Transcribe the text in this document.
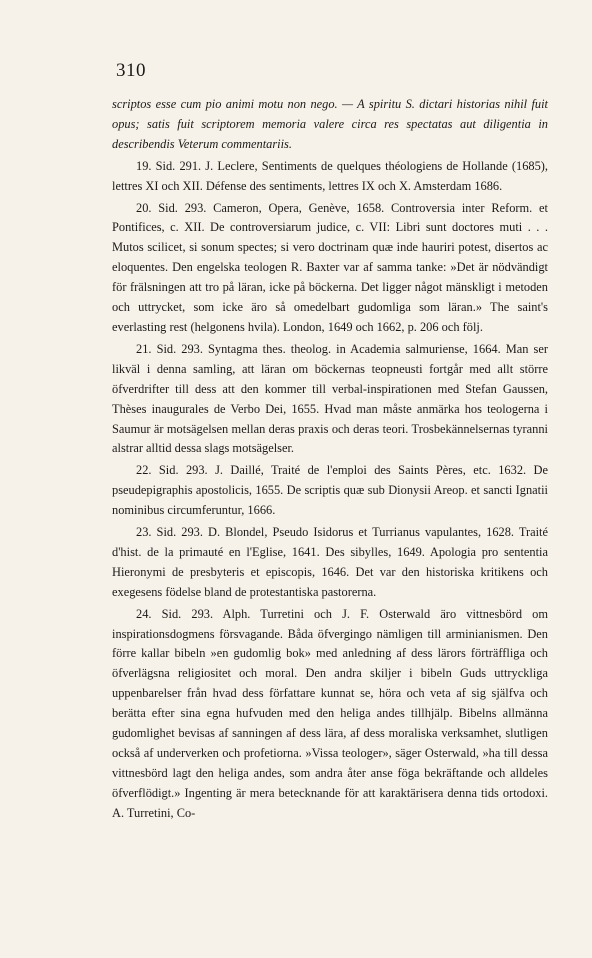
310

scriptos esse cum pio animi motu non nego. — A spiritu S. dictari historias nihil fuit opus; satis fuit scriptorem memoria valere circa res spectatas aut diligentia in describendis Veterum commentariis.

19. Sid. 291. J. Leclere, Sentiments de quelques théologiens de Hollande (1685), lettres XI och XII. Défense des sentiments, lettres IX och X. Amsterdam 1686.

20. Sid. 293. Cameron, Opera, Genève, 1658. Controversia inter Reform. et Pontifices, c. XII. De controversiarum judice, c. VII: Libri sunt doctores muti . . . Mutos scilicet, si sonum spectes; si vero doctrinam quæ inde hauriri potest, disertos ac eloquentes. Den engelska teologen R. Baxter var af samma tanke: »Det är nödvändigt för frälsningen att tro på läran, icke på böckerna. Det ligger något mänskligt i metoden och uttrycket, som icke äro så omedelbart gudomliga som läran.» The saint's everlasting rest (helgonens hvila). London, 1649 och 1662, p. 206 och följ.

21. Sid. 293. Syntagma thes. theolog. in Academia salmuriense, 1664. Man ser likväl i denna samling, att läran om böckernas teopneusti fortgår med allt större öfverdrifter till dess att den kommer till verbal-inspirationen med Stefan Gaussen, Thèses inaugurales de Verbo Dei, 1655. Hvad man måste anmärka hos teologerna i Saumur är motsägelsen mellan deras praxis och deras teori. Trosbekännelsernas tyranni alstrar alltid dessa slags motsägelser.

22. Sid. 293. J. Daillé, Traité de l'emploi des Saints Pères, etc. 1632. De pseudepigraphis apostolicis, 1655. De scriptis quæ sub Dionysii Areop. et sancti Ignatii nominibus circumferuntur, 1666.

23. Sid. 293. D. Blondel, Pseudo Isidorus et Turrianus vapulantes, 1628. Traité d'hist. de la primauté en l'Eglise, 1641. Des sibylles, 1649. Apologia pro sententia Hieronymi de presbyteris et episcopis, 1646. Det var den historiska kritikens och exegesens födelse bland de protestantiska pastorerna.

24. Sid. 293. Alph. Turretini och J. F. Osterwald äro vittnesbörd om inspirationsdogmens försvagande. Båda öfvergingo nämligen till arminianismen. Den förre kallar bibeln »en gudomlig bok» med anledning af dess lärors förträffliga och öfverlägsna religiositet och moral. Den andra skiljer i bibeln Guds uttryckliga uppenbarelser från hvad dess författare kunnat se, höra och veta af sig själfva och berätta efter sina egna hufvuden med den heliga andes tillhjälp. Bibelns allmänna gudomlighet bevisas af sanningen af dess lära, af dess moraliska verksamhet, slutligen också af underverken och profetiorna. »Vissa teologer», säger Osterwald, »ha till dessa vittnesbörd lagt den heliga andes, som andra åter anse föga bekräftande och alldeles öfverflödigt.» Ingenting är mera betecknande för att karaktärisera denna tids ortodoxi. A. Turretini, Co-
